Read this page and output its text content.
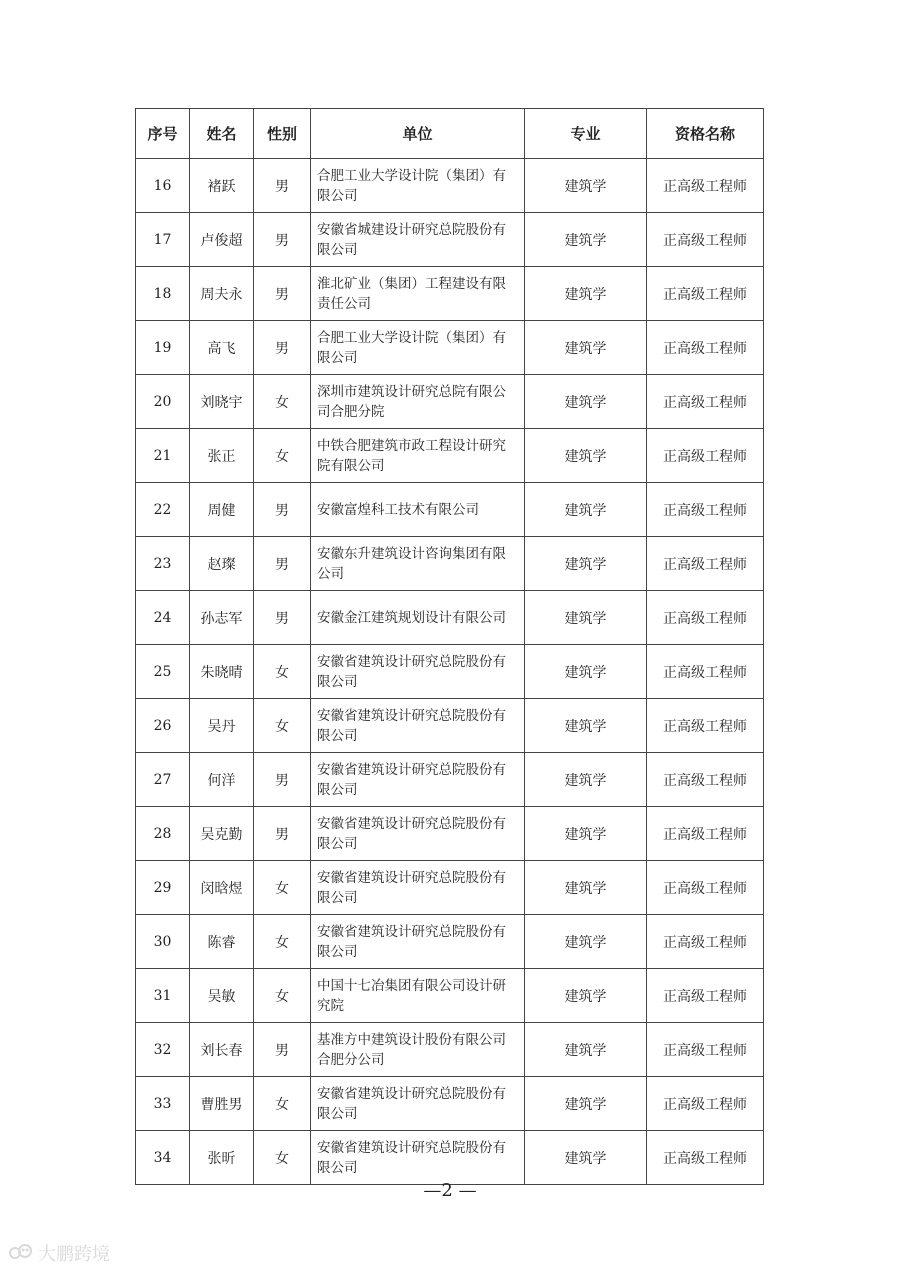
序号	姓名	性别	单位	专业	资格名称
16	褚跃	男	合肥工业大学设计院（集团）有限公司	建筑学	正高级工程师
17	卢俊超	男	安徽省城建设计研究总院股份有限公司	建筑学	正高级工程师
18	周夫永	男	淮北矿业（集团）工程建设有限责任公司	建筑学	正高级工程师
19	高飞	男	合肥工业大学设计院（集团）有限公司	建筑学	正高级工程师
20	刘晓宇	女	深圳市建筑设计研究总院有限公司合肥分院	建筑学	正高级工程师
21	张正	女	中铁合肥建筑市政工程设计研究院有限公司	建筑学	正高级工程师
22	周健	男	安徽富煌科工技术有限公司	建筑学	正高级工程师
23	赵璨	男	安徽东升建筑设计咨询集团有限公司	建筑学	正高级工程师
24	孙志军	男	安徽金江建筑规划设计有限公司	建筑学	正高级工程师
25	朱晓晴	女	安徽省建筑设计研究总院股份有限公司	建筑学	正高级工程师
26	吴丹	女	安徽省建筑设计研究总院股份有限公司	建筑学	正高级工程师
27	何洋	男	安徽省建筑设计研究总院股份有限公司	建筑学	正高级工程师
28	吴克勤	男	安徽省建筑设计研究总院股份有限公司	建筑学	正高级工程师
29	闵晗煜	女	安徽省建筑设计研究总院股份有限公司	建筑学	正高级工程师
30	陈睿	女	安徽省建筑设计研究总院股份有限公司	建筑学	正高级工程师
31	吴敏	女	中国十七冶集团有限公司设计研究院	建筑学	正高级工程师
32	刘长春	男	基准方中建筑设计股份有限公司合肥分公司	建筑学	正高级工程师
33	曹胜男	女	安徽省建筑设计研究总院股份有限公司	建筑学	正高级工程师
34	张昕	女	安徽省建筑设计研究总院股份有限公司	建筑学	正高级工程师
—2 —
大鹏跨境
